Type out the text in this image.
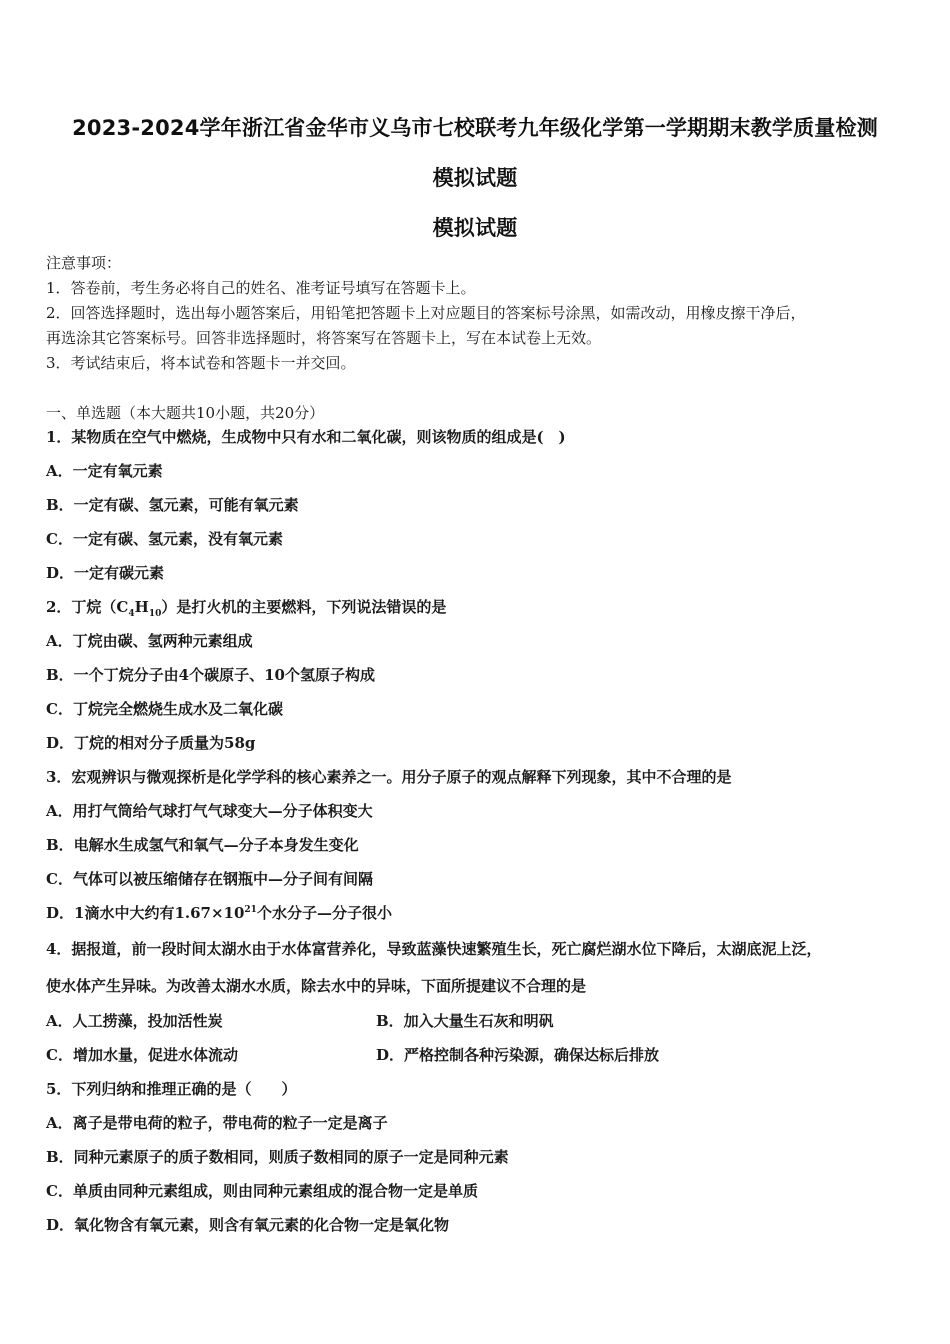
2023-2024学年浙江省金华市义乌市七校联考九年级化学第一学期期末教学质量检测
模拟试题
模拟试题
注意事项：
1．答卷前，考生务必将自己的姓名、准考证号填写在答题卡上。
2．回答选择题时，选出每小题答案后，用铅笔把答题卡上对应题目的答案标号涂黑，如需改动，用橡皮擦干净后，
再选涂其它答案标号。回答非选择题时，将答案写在答题卡上，写在本试卷上无效。
3．考试结束后，将本试卷和答题卡一并交回。
一、单选题（本大题共10小题，共20分）
1．某物质在空气中燃烧，生成物中只有水和二氧化碳，则该物质的组成是(　)
A．一定有氧元素
B．一定有碳、氢元素，可能有氧元素
C．一定有碳、氢元素，没有氧元素
D．一定有碳元素
2．丁烷$(C_4H_{10})$是打火机的主要燃料，下列说法错误的是
A．丁烷由碳、氢两种元素组成
B．一个丁烷分子由4个碳原子、10个氢原子构成
C．丁烷完全燃烧生成水及二氧化碳
D．丁烷的相对分子质量为58g
3．宏观辨识与微观探析是化学学科的核心素养之一。用分子原子的观点解释下列现象，其中不合理的是
A．用打气筒给气球打气气球变大—分子体积变大
B．电解水生成氢气和氧气—分子本身发生变化
C．气体可以被压缩储存在钢瓶中—分子间有间隔
D．1滴水中大约有$1.67\times 10^{21}$个水分子—分子很小
4．据报道，前一段时间太湖水由于水体富营养化，导致蓝藻快速繁殖生长，死亡腐烂湖水位下降后，太湖底泥上泛，
使水体产生异味。为改善太湖水水质，除去水中的异味，下面所提建议不合理的是
A．人工捞藻，投加活性炭	B．加入大量生石灰和明矾
C．增加水量，促进水体流动	D．严格控制各种污染源，确保达标后排放
5．下列归纳和推理正确的是（　　）
A．离子是带电荷的粒子，带电荷的粒子一定是离子
B．同种元素原子的质子数相同，则质子数相同的原子一定是同种元素
C．单质由同种元素组成，则由同种元素组成的混合物一定是单质
D．氧化物含有氧元素，则含有氧元素的化合物一定是氧化物
